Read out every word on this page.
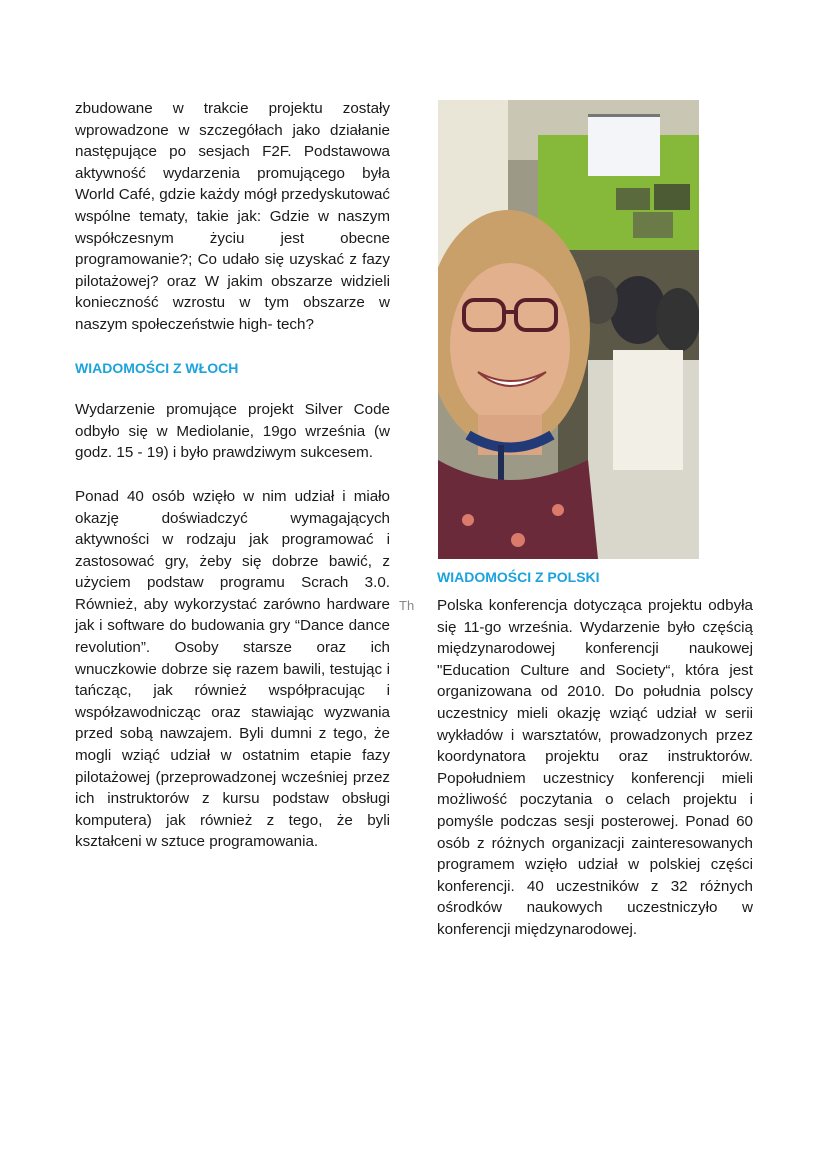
zbudowane w trakcie projektu zostały wprowadzone w szczegółach jako działanie następujące po sesjach F2F. Podstawowa aktywność wydarzenia promującego była World Café, gdzie każdy mógł przedyskutować wspólne tematy, takie jak: Gdzie w naszym współczesnym życiu jest obecne programowanie?; Co udało się uzyskać z fazy pilotażowej? oraz W jakim obszarze widzieli konieczność wzrostu w tym obszarze w naszym społeczeństwie high- tech?

WIADOMOŚCI Z WŁOCH

Wydarzenie promujące projekt Silver Code odbyło się w Mediolanie, 19go września (w godz. 15 - 19) i było prawdziwym sukcesem.

Ponad 40 osób wzięło w nim udział i miało okazję doświadczyć wymagających aktywności w rodzaju jak programować i zastosować gry, żeby się dobrze bawić, z użyciem podstaw programu Scrach 3.0. Również, aby wykorzystać zarówno hardware jak i software do budowania gry “Dance dance revolution”. Osoby starsze oraz ich wnuczkowie dobrze się razem bawili, testując i tańcząc, jak również współpracując i współzawodnicząc oraz stawiając wyzwania przed sobą nawzajem. Byli dumni z tego, że mogli wziąć udział w ostatnim etapie fazy pilotażowej (przeprowadzonej wcześniej przez ich instruktorów z kursu podstaw obsługi komputera) jak również z tego, że byli kształceni w sztuce programowania.

WIADOMOŚCI Z POLSKI

Th Polska konferencja dotycząca projektu odbyła się 11-go września. Wydarzenie było częścią międzynarodowej konferencji naukowej "Education Culture and Society“, która jest organizowana od 2010. Do południa polscy uczestnicy mieli okazję wziąć udział w serii wykładów i warsztatów, prowadzonych przez koordynatora projektu oraz instruktorów. Popołudniem uczestnicy konferencji mieli możliwość poczytania o celach projektu i pomyśle podczas sesji posterowej. Ponad 60 osób z różnych organizacji zainteresowanych programem wzięło udział w polskiej części konferencji. 40 uczestników z 32 różnych ośrodków naukowych uczestniczyło w konferencji międzynarodowej.
